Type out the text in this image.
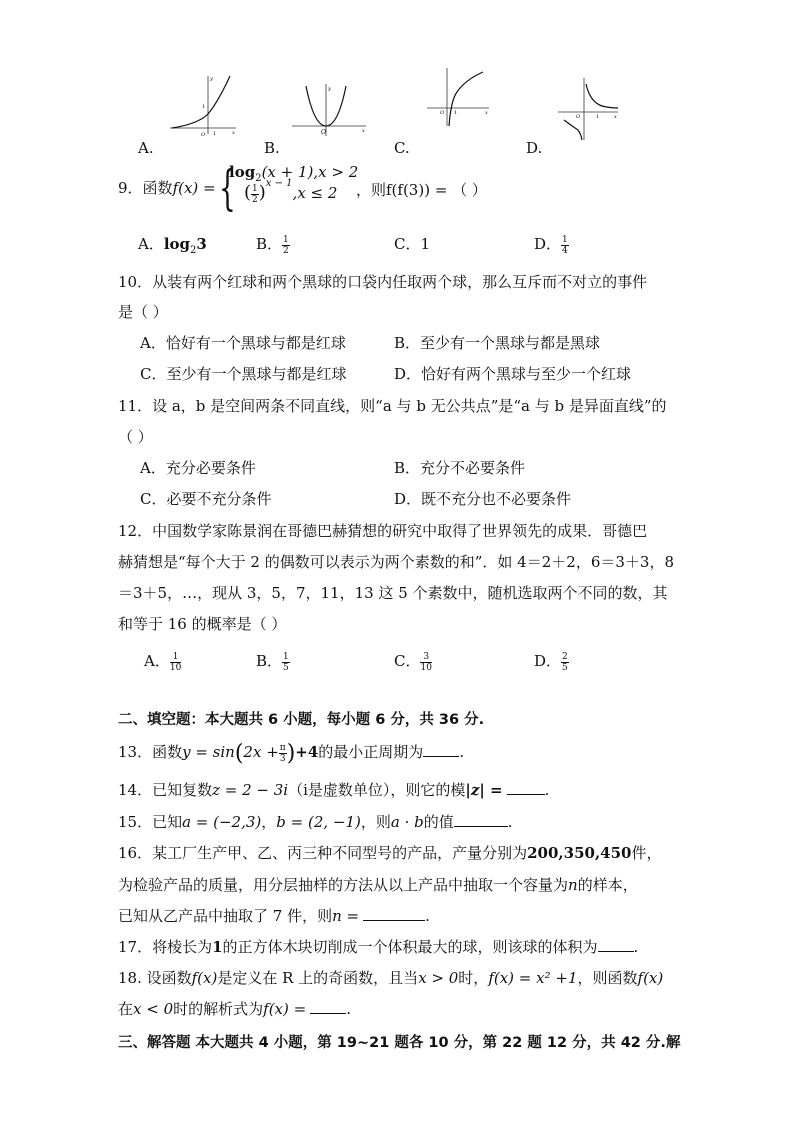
O
1
1
y
x	O
y
x
O 1	x
O	1	x
A.	B.	C.	D.
9．函数f(x) = {
$\log_2(x + 1),x > 2$
( $\frac{1}{2} )^{x - 1},x \le 2$ ，则f(f(3)) = （ ）
A．$\log_23$	B． $\frac{1}{2}$	C．1	D． $\frac{1}{4}$
10．从装有两个红球和两个黑球的口袋内任取两个球，那么互斥而不对立的事件
是（ ）
A．恰好有一个黑球与都是红球	B．至少有一个黑球与都是黑球
C．至少有一个黑球与都是红球	D．恰好有两个黑球与至少一个红球
11．设 a，b 是空间两条不同直线，则“a 与 b 无公共点”是“a 与 b 是异面直线”的
（ ）
A．充分必要条件	B．充分不必要条件
C．必要不充分条件	D．既不充分也不必要条件
12．中国数学家陈景润在哥德巴赫猜想的研究中取得了世界领先的成果．哥德巴
赫猜想是“每个大于 2 的偶数可以表示为两个素数的和”．如 4＝2＋2，6＝3＋3，8
＝3＋5，…，现从 3，5，7，11，13 这 5 个素数中，随机选取两个不同的数，其
和等于 16 的概率是（ ）
A． $\frac{1}{10}$	B． $\frac{1}{5}$	C． $\frac{3}{10}$	D． $\frac{2}{5}$
二、填空题：本大题共 6 小题，每小题 6 分，共 36 分.
13．函数$y = \sin(2x + \frac{\pi}{3} )+4$的最小正周期为 .
14．已知复数z = 2 − 3i（i是虚数单位），则它的模|z| =	.
15．已知a = (−2,3)，b = (2, −1)，则a · b的值	.
16．某工厂生产甲、乙、丙三种不同型号的产品，产量分别为200,350,450件，
为检验产品的质量，用分层抽样的方法从以上产品中抽取一个容量为n的样本，
已知从乙产品中抽取了 7 件，则n =	.
17．将棱长为1的正方体木块切削成一个体积最大的球，则该球的体积为 .
18. 设函数f(x)是定义在 R 上的奇函数，且当x > 0时，f(x) = x² +1，则函数f(x)
在x < 0时的解析式为f(x) =	.
三、解答题 本大题共 4 小题，第 19~21 题各 10 分，第 22 题 12 分，共 42 分.解
